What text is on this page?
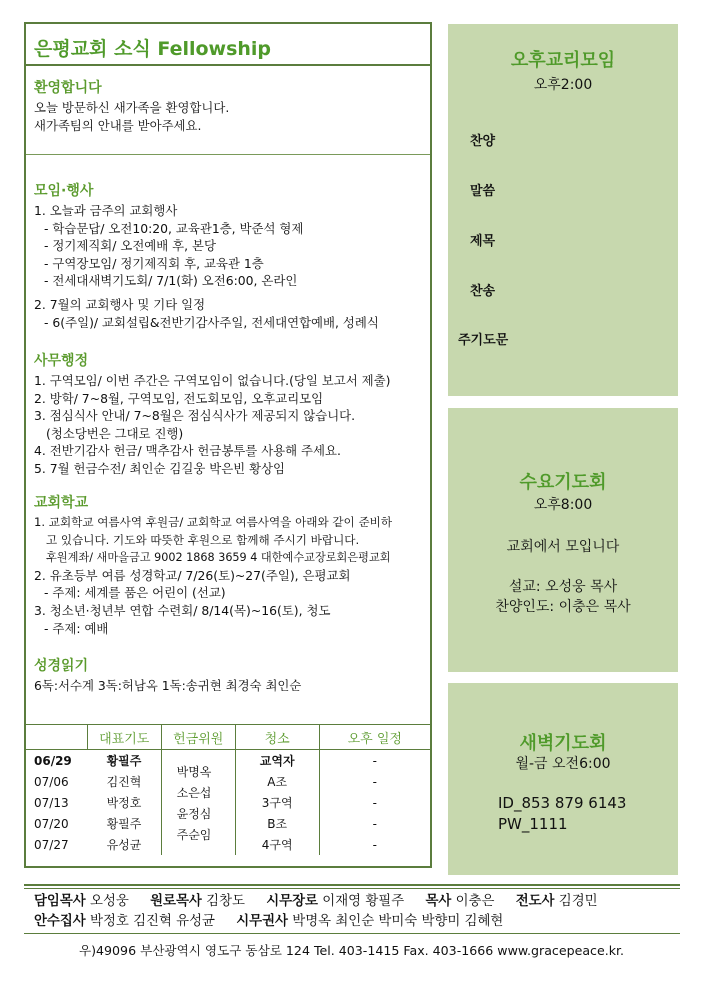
은평교회 소식 Fellowship
환영합니다
오늘 방문하신 새가족을 환영합니다.
새가족팀의 안내를 받아주세요.
모임·행사
1. 오늘과 금주의 교회행사
- 학습문답/ 오전10:20, 교육관1층, 박준석 형제
- 정기제직회/ 오전예배 후, 본당
- 구역장모임/ 정기제직회 후, 교육관 1층
- 전세대새벽기도회/ 7/1(화) 오전6:00, 온라인
2. 7월의 교회행사 및 기타 일정
- 6(주일)/ 교회설립&전반기감사주일, 전세대연합예배, 성례식
사무행정
1. 구역모임/ 이번 주간은 구역모임이 없습니다.(당일 보고서 제출)
2. 방학/ 7~8월, 구역모임, 전도회모임, 오후교리모임
3. 점심식사 안내/ 7~8월은 점심식사가 제공되지 않습니다.
(청소당번은 그대로 진행)
4. 전반기감사 헌금/ 맥추감사 헌금봉투를 사용해 주세요.
5. 7월 헌금수전/ 최인순 김길웅 박은빈 황상임
교회학교
1. 교회학교 여름사역 후원금/ 교회학교 여름사역을 아래와 같이 준비하
고 있습니다. 기도와 따뜻한 후원으로 함께해 주시기 바랍니다.
후원계좌/ 새마을금고 9002 1868 3659 4 대한예수교장로회은평교회
2. 유초등부 여름 성경학교/ 7/26(토)~27(주일), 은평교회
- 주제: 세계를 품은 어린이 (선교)
3. 청소년·청년부 연합 수련회/ 8/14(목)~16(토), 청도
- 주제: 예배
성경읽기
6독:서수계 3독:허남옥 1독:송귀현 최경숙 최인순
	대표기도	헌금위원	청소	오후 일정
06/29	황필주		교역자	-
07/06	김진혁		A조	-
07/13	박정호		3구역	-
07/20	황필주		B조	-
07/27	유성균		4구역	-
박명옥
소은섭
윤정심
주순임
오후교리모임
오후2:00
찬양
말씀
제목
찬송
주기도문
수요기도회
오후8:00
교회에서 모입니다
설교: 오성웅 목사
찬양인도: 이충은 목사
새벽기도회
월-금 오전6:00
ID_853 879 6143
PW_1111
담임목사 오성웅 원로목사 김창도 시무장로 이재영 황필주 목사 이충은 전도사 김경민
안수집사 박정호 김진혁 유성균 시무권사 박명옥 최인순 박미숙 박향미 김혜현
우)49096 부산광역시 영도구 동삼로 124 Tel. 403-1415 Fax. 403-1666 www.gracepeace.kr.
